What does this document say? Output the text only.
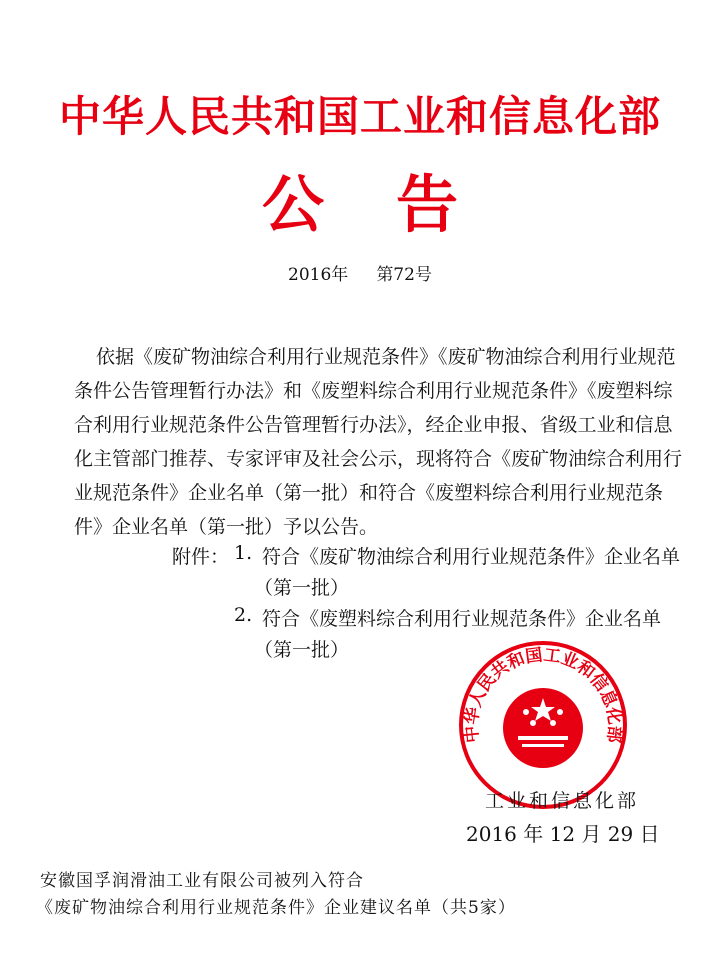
中华人民共和国工业和信息化部
公 告
2016年 第72号
依据《废矿物油综合利用行业规范条件》《废矿物油综合利用行业规范
条件公告管理暂行办法》和《废塑料综合利用行业规范条件》《废塑料综
合利用行业规范条件公告管理暂行办法》，经企业申报、省级工业和信息
化主管部门推荐、专家评审及社会公示，现将符合《废矿物油综合利用行
业规范条件》企业名单（第一批）和符合《废塑料综合利用行业规范条
件》企业名单（第一批）予以公告。
附件： 1. 符合《废矿物油综合利用行业规范条件》企业名单
（第一批）
2. 符合《废塑料综合利用行业规范条件》企业名单
（第一批）
中华人民共和国工业和信息化部
工业和信息化部
2016 年 12 月 29 日
安徽国孚润滑油工业有限公司被列入符合
《废矿物油综合利用行业规范条件》企业建议名单（共5家）
